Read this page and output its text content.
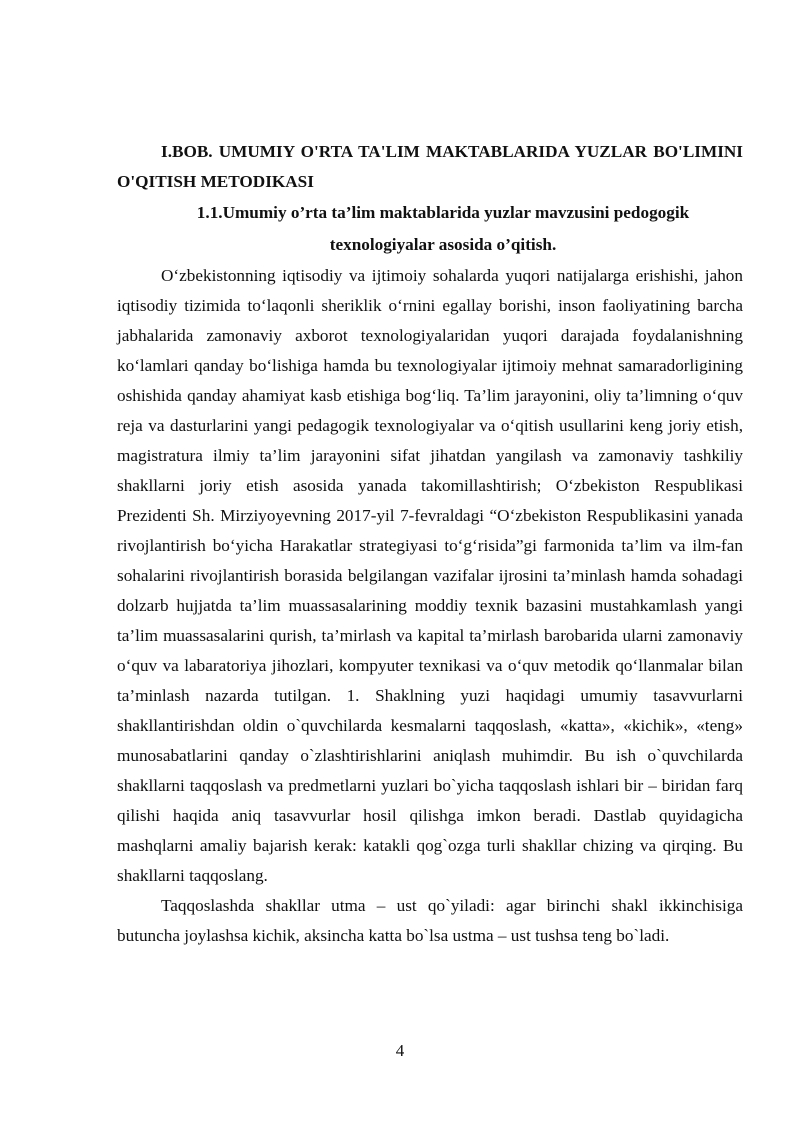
I.BOB. UMUMIY O'RTA TA'LIM MAKTABLARIDA YUZLAR BO'LIMINI O'QITISH METODIKASI

1.1.Umumiy o’rta ta’lim maktablarida yuzlar mavzusini pedogogik texnologiyalar asosida o’qitish.

O‘zbekistonning iqtisodiy va ijtimoiy sohalarda yuqori natijalarga erishishi, jahon iqtisodiy tizimida to‘laqonli sheriklik o‘rnini egallay borishi, inson faoliyatining barcha jabhalarida zamonaviy axborot texnologiyalaridan yuqori darajada foydalanishning ko‘lamlari qanday bo‘lishiga hamda bu texnologiyalar ijtimoiy mehnat samaradorligining oshishida qanday ahamiyat kasb etishiga bog‘liq. Ta’lim jarayonini, oliy ta’limning o‘quv reja va dasturlarini yangi pedagogik texnologiyalar va o‘qitish usullarini keng joriy etish, magistratura ilmiy ta’lim jarayonini sifat jihatdan yangilash va zamonaviy tashkiliy shakllarni joriy etish asosida yanada takomillashtirish; O‘zbekiston Respublikasi Prezidenti Sh. Mirziyoyevning 2017-yil 7-fevraldagi “O‘zbekiston Respublikasini yanada rivojlantirish bo‘yicha Harakatlar strategiyasi to‘g‘risida”gi farmonida ta’lim va ilm-fan sohalarini rivojlantirish borasida belgilangan vazifalar ijrosini ta’minlash hamda sohadagi dolzarb hujjatda ta’lim muassasalarining moddiy texnik bazasini mustahkamlash yangi ta’lim muassasalarini qurish, ta’mirlash va kapital ta’mirlash barobarida ularni zamonaviy o‘quv va labaratoriya jihozlari, kompyuter texnikasi va o‘quv metodik qo‘llanmalar bilan ta’minlash nazarda tutilgan. 1. Shaklning yuzi haqidagi umumiy tasavvurlarni shakllantirishdan oldin o`quvchilarda kesmalarni taqqoslash, «katta», «kichik», «teng» munosabatlarini qanday o`zlashtirishlarini aniqlash muhimdir. Bu ish o`quvchilarda shakllarni taqqoslash va predmetlarni yuzlari bo`yicha taqqoslash ishlari bir – biridan farq qilishi haqida aniq tasavvurlar hosil qilishga imkon beradi. Dastlab quyidagicha mashqlarni amaliy bajarish kerak: katakli qog`ozga turli shakllar chizing va qirqing. Bu shakllarni taqqoslang.

Taqqoslashda shakllar utma – ust qo`yiladi: agar birinchi shakl ikkinchisiga butuncha joylashsa kichik, aksincha katta bo`lsa ustma – ust tushsa teng bo`ladi.

4
